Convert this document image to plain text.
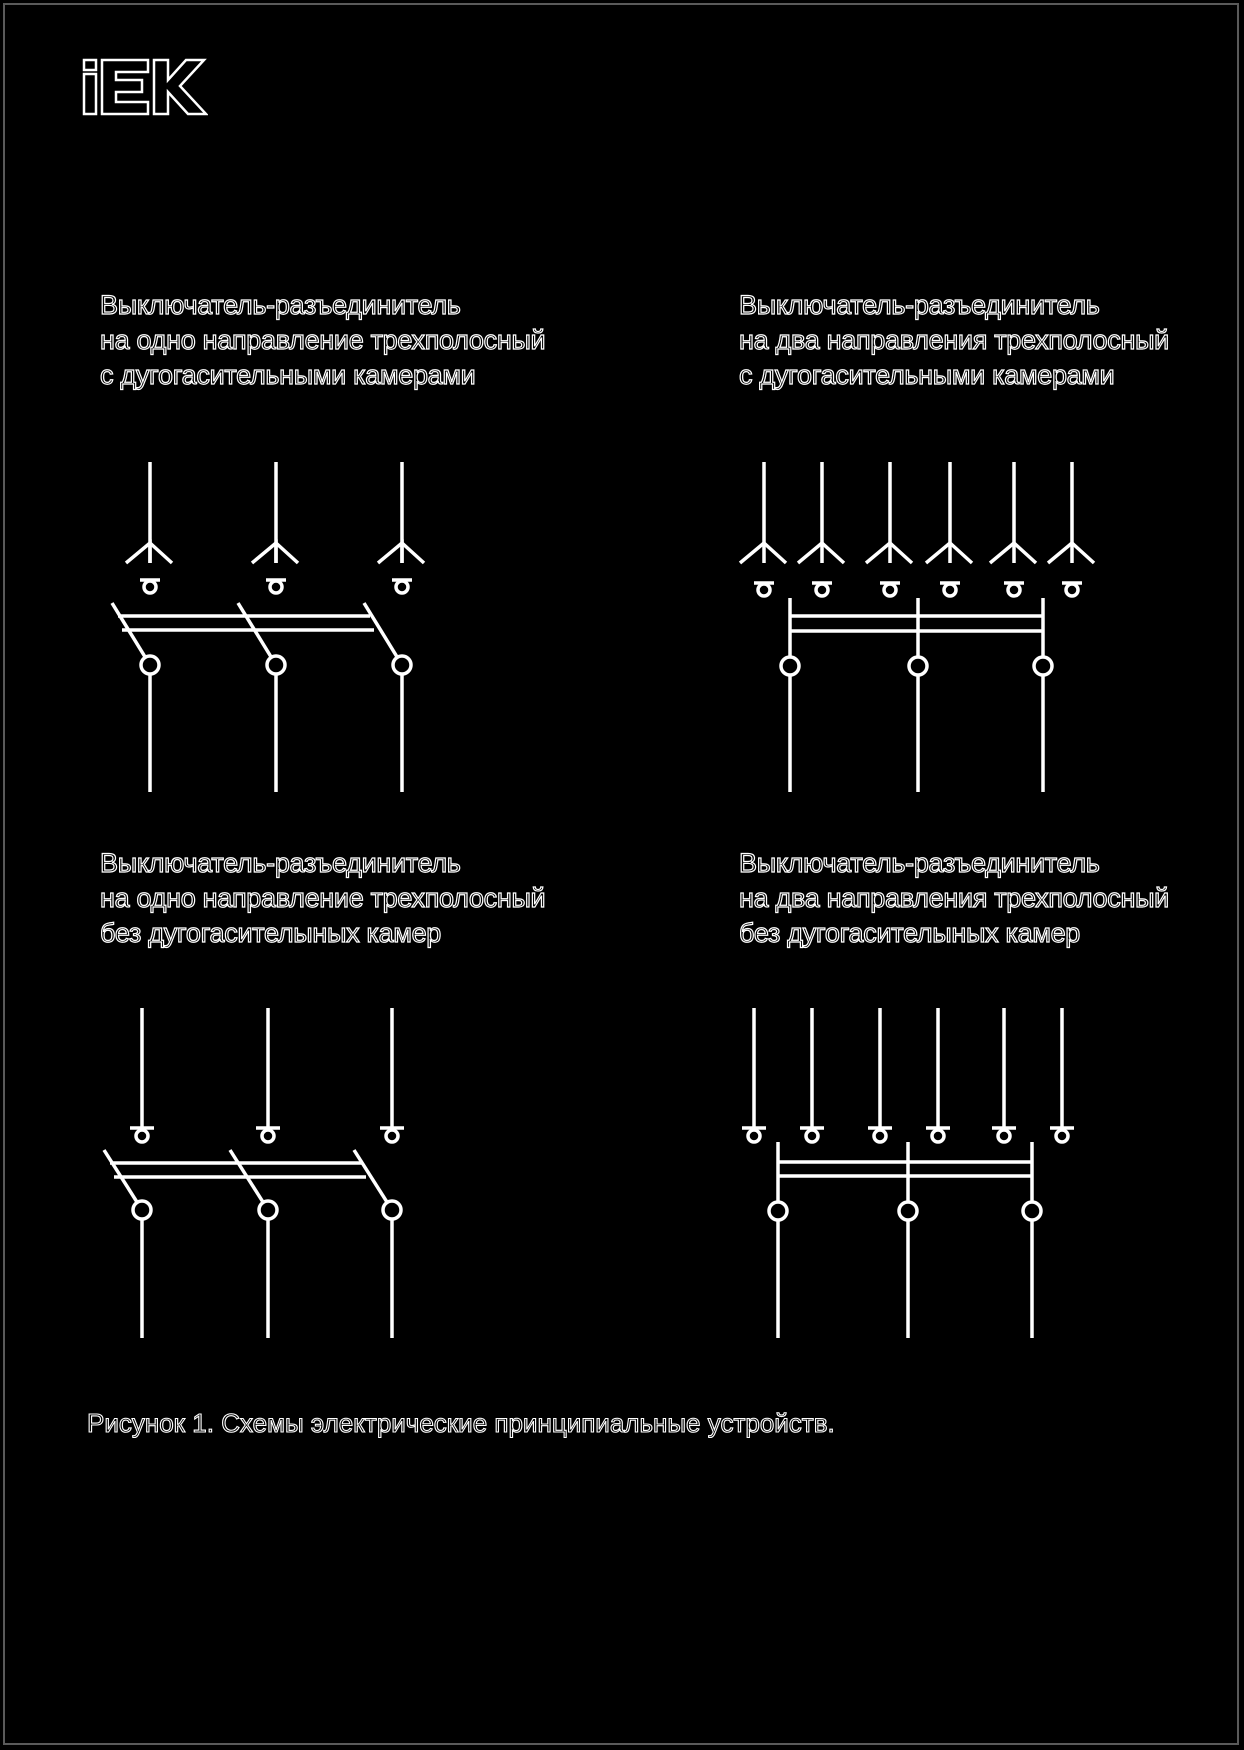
Выключатель-разъединитель
на одно направление трехполосный
с дугогасительными камерами
Выключатель-разъединитель
на два направления трехполосный
с дугогасительными камерами
Выключатель-разъединитель
на одно направление трехполосный
без дугогасителыных камер
Выключатель-разъединитель
на два направления трехполосный
без дугогасителыных камер
Рисунок 1. Схемы электрические принципиальные устройств.
